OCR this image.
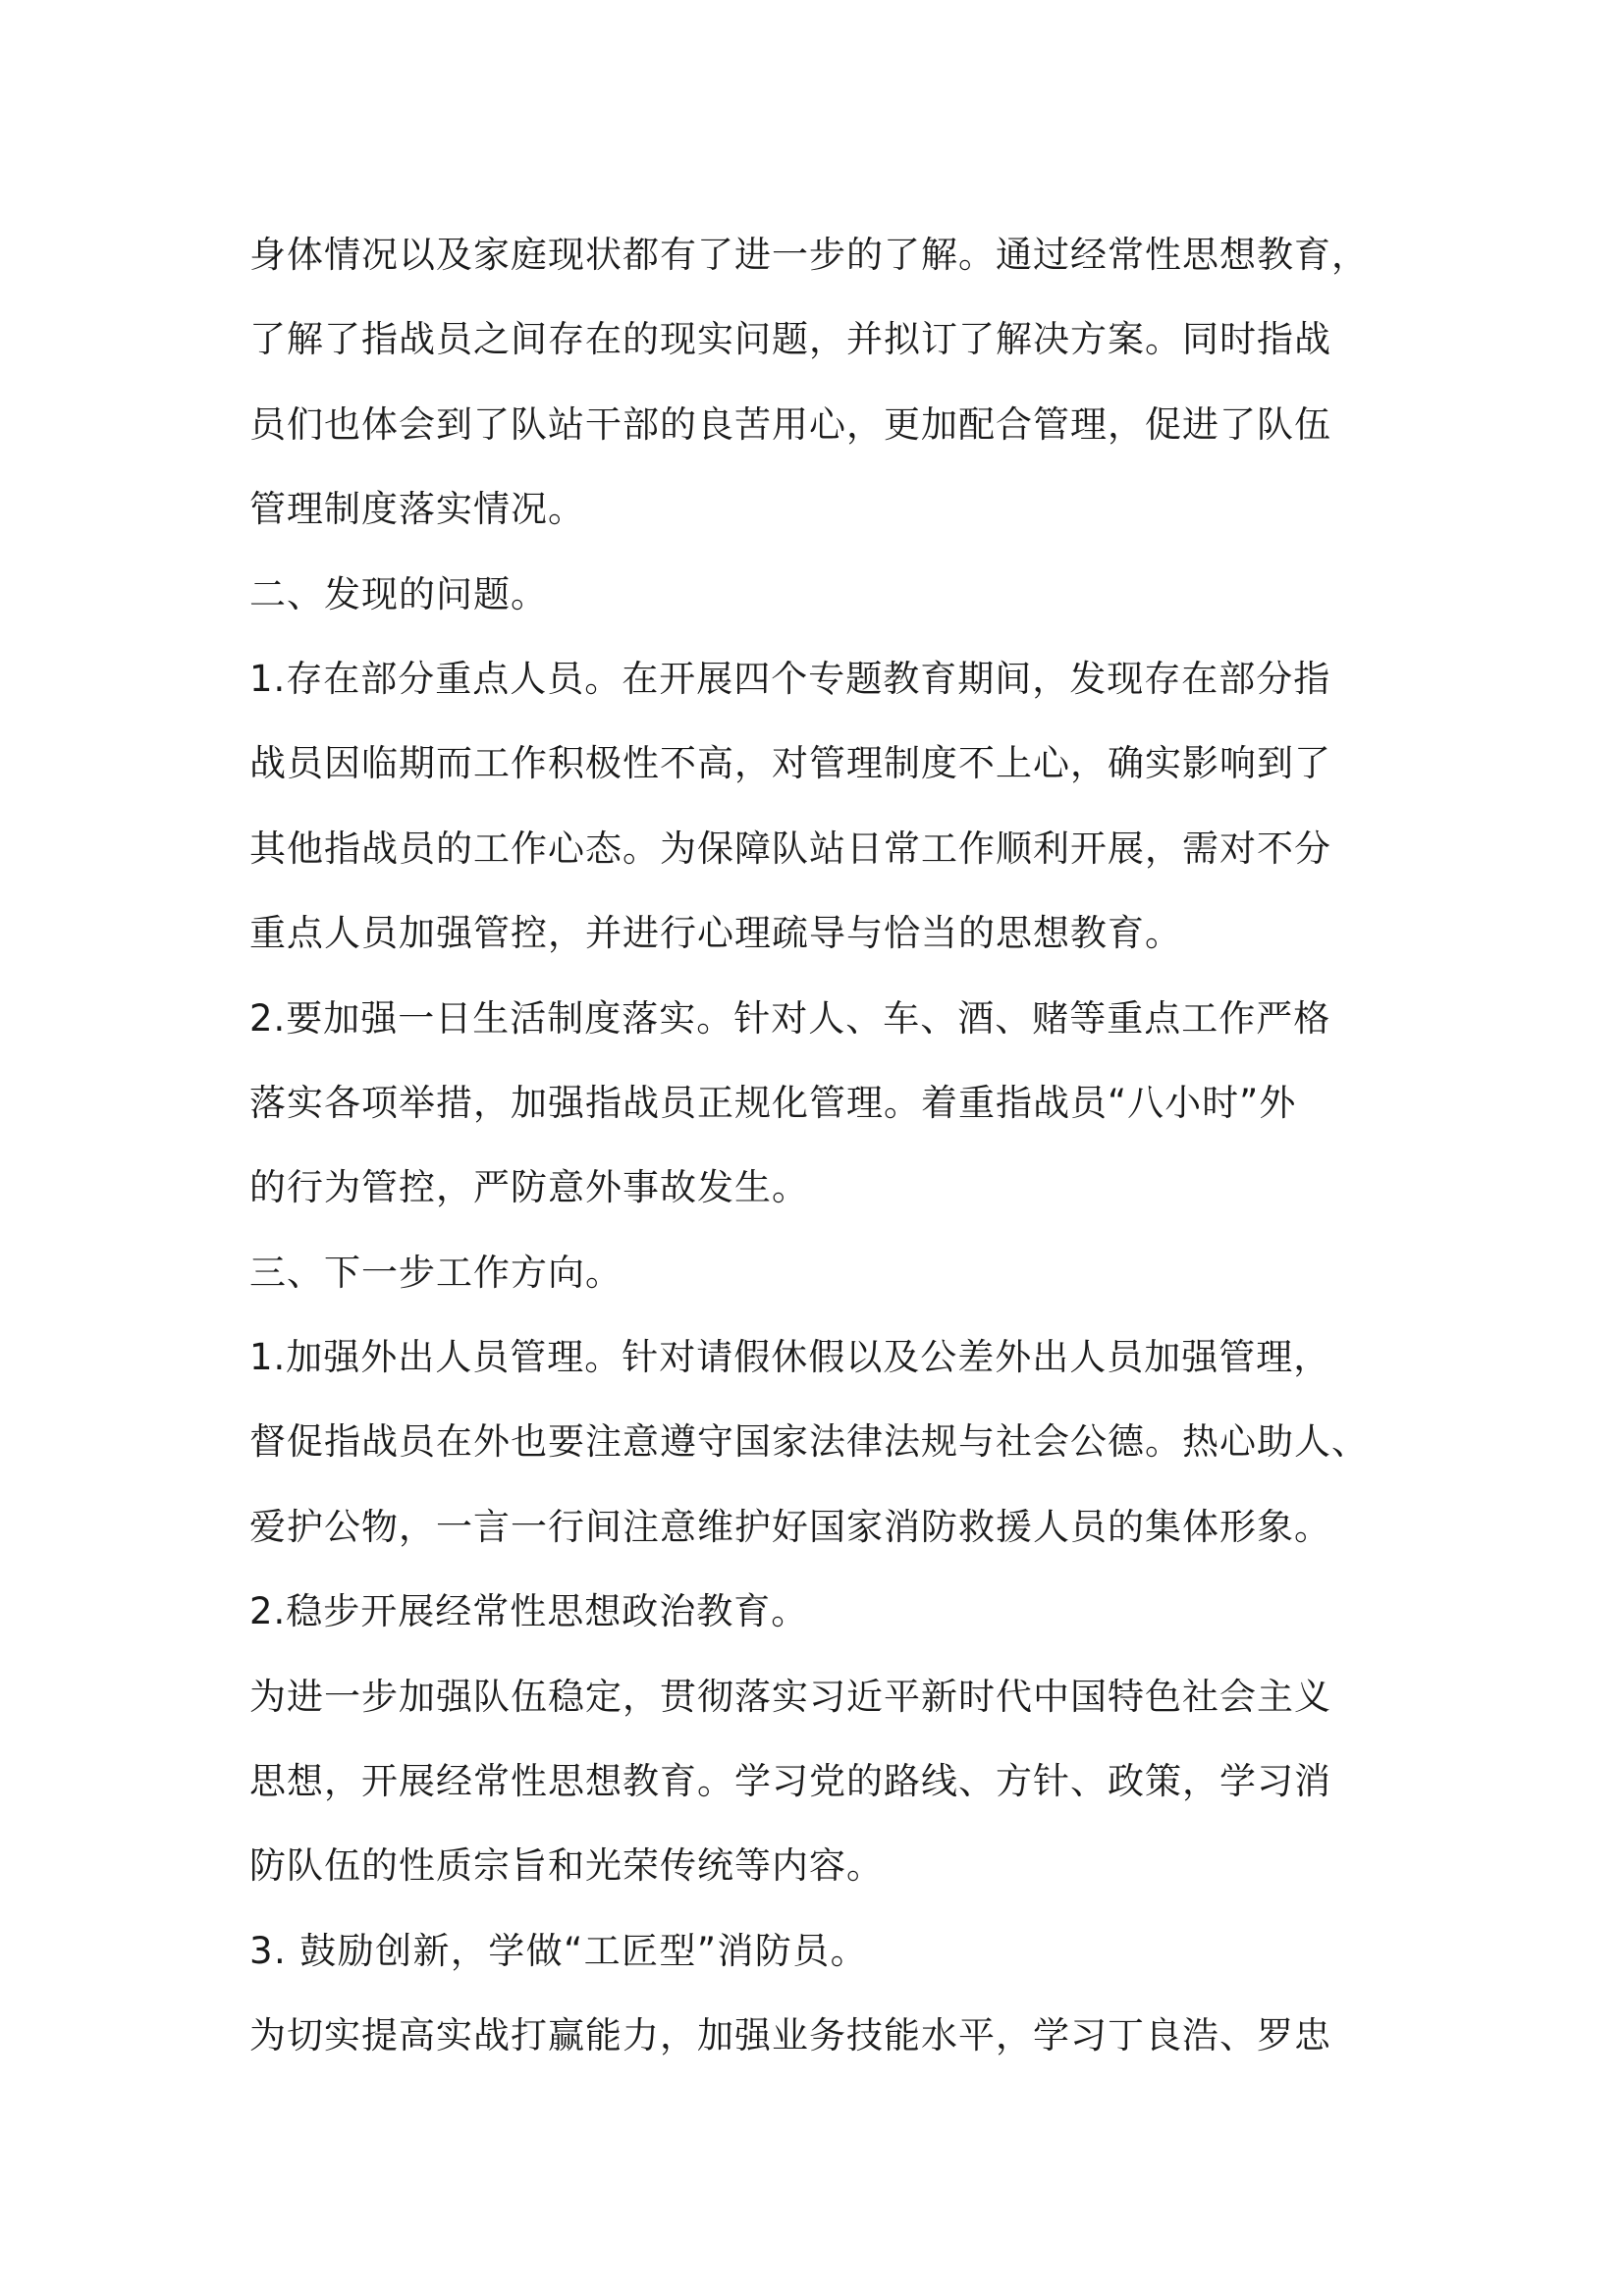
身体情况以及家庭现状都有了进一步的了解。通过经常性思想教育，
了解了指战员之间存在的现实问题，并拟订了解决方案。同时指战
员们也体会到了队站干部的良苦用心，更加配合管理，促进了队伍
管理制度落实情况。
二、发现的问题。
1.存在部分重点人员。在开展四个专题教育期间，发现存在部分指
战员因临期而工作积极性不高，对管理制度不上心，确实影响到了
其他指战员的工作心态。为保障队站日常工作顺利开展，需对不分
重点人员加强管控，并进行心理疏导与恰当的思想教育。
2.要加强一日生活制度落实。针对人、车、酒、赌等重点工作严格
落实各项举措，加强指战员正规化管理。着重指战员“八小时”外
的行为管控，严防意外事故发生。
三、下一步工作方向。
1.加强外出人员管理。针对请假休假以及公差外出人员加强管理，
督促指战员在外也要注意遵守国家法律法规与社会公德。热心助人、
爱护公物，一言一行间注意维护好国家消防救援人员的集体形象。
2.稳步开展经常性思想政治教育。
为进一步加强队伍稳定，贯彻落实习近平新时代中国特色社会主义
思想，开展经常性思想教育。学习党的路线、方针、政策，学习消
防队伍的性质宗旨和光荣传统等内容。
3. 鼓励创新，学做“工匠型”消防员。
为切实提高实战打赢能力，加强业务技能水平，学习丁良浩、罗忠
